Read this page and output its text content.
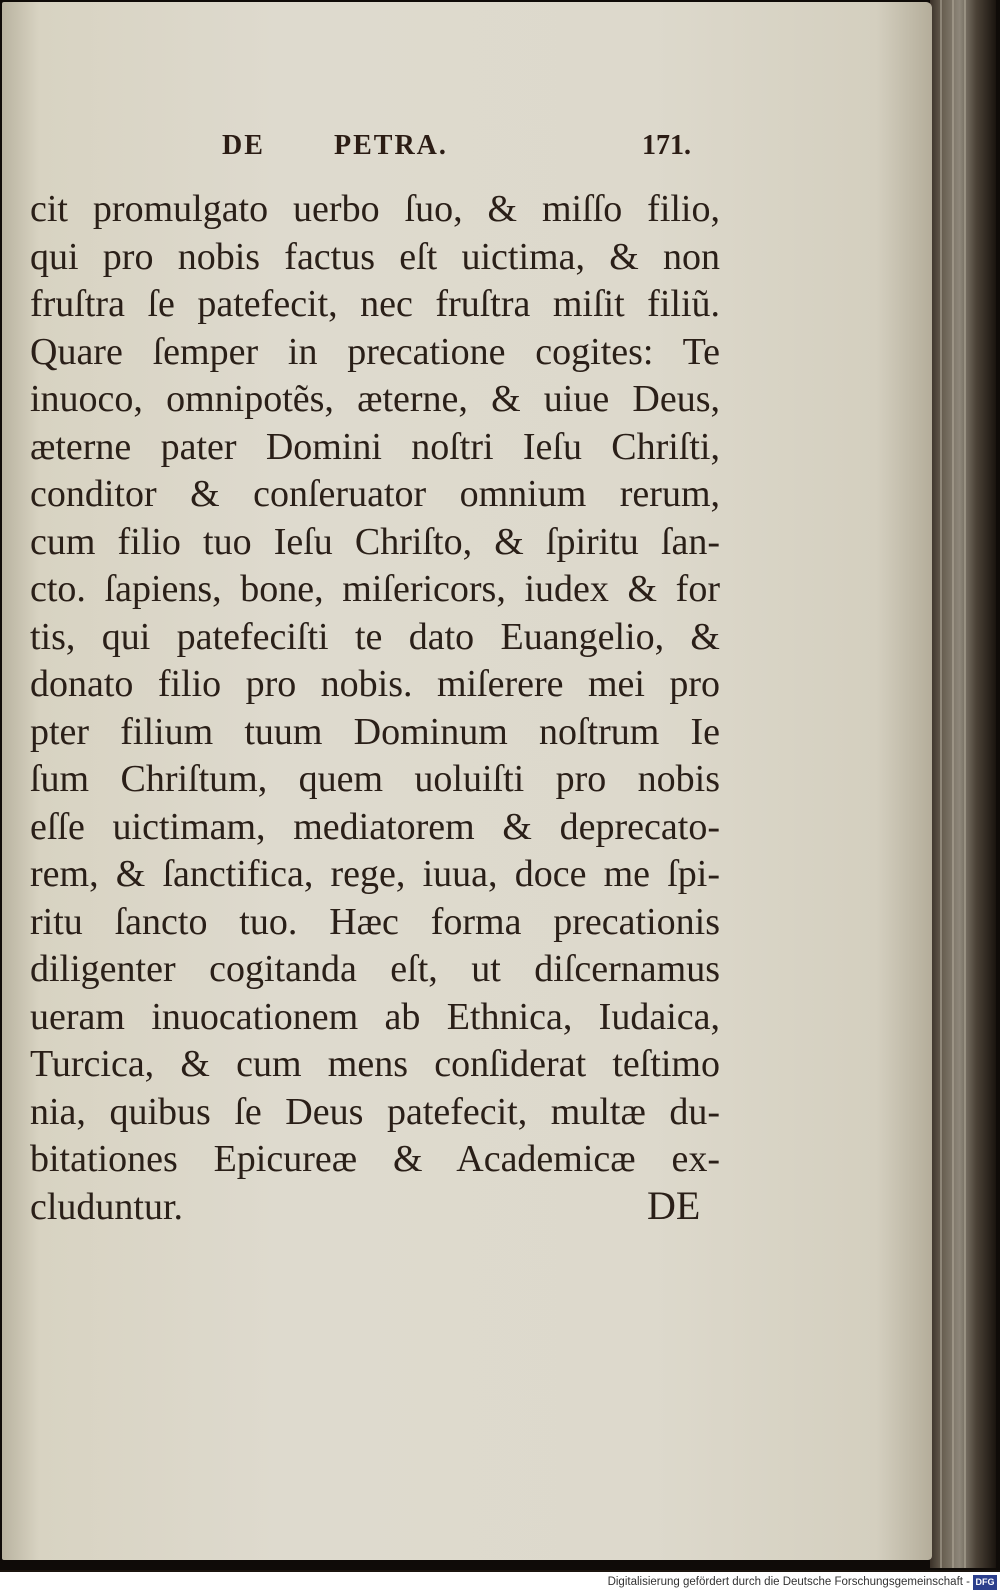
DE PETRA.	171.
cit promulgato uerbo ſuo, & miſſo filio,
qui pro nobis factus eſt uictima, & non
fruſtra ſe patefecit, nec fruſtra miſit filiũ.
Quare ſemper in precatione cogites: Te
inuoco, omnipotẽs, æterne, & uiue Deus,
æterne pater Domini noſtri Ieſu Chriſti,
conditor & conſeruator omnium rerum,
cum filio tuo Ieſu Chriſto, & ſpiritu ſan-
cto. ſapiens, bone, miſericors, iudex & for
tis, qui patefeciſti te dato Euangelio, &
donato filio pro nobis. miſerere mei pro
pter filium tuum Dominum noſtrum Ie
ſum Chriſtum, quem uoluiſti pro nobis
eſſe uictimam, mediatorem & deprecato-
rem, & ſanctifica, rege, iuua, doce me ſpi-
ritu ſancto tuo. Hæc forma precationis
diligenter cogitanda eſt, ut diſcernamus
ueram inuocationem ab Ethnica, Iudaica,
Turcica, & cum mens conſiderat teſtimo
nia, quibus ſe Deus patefecit, multæ du-
bitationes Epicureæ & Academicæ ex-
cluduntur.	DE
Digitalisierung gefördert durch die Deutsche Forschungsgemeinschaft - DFG
